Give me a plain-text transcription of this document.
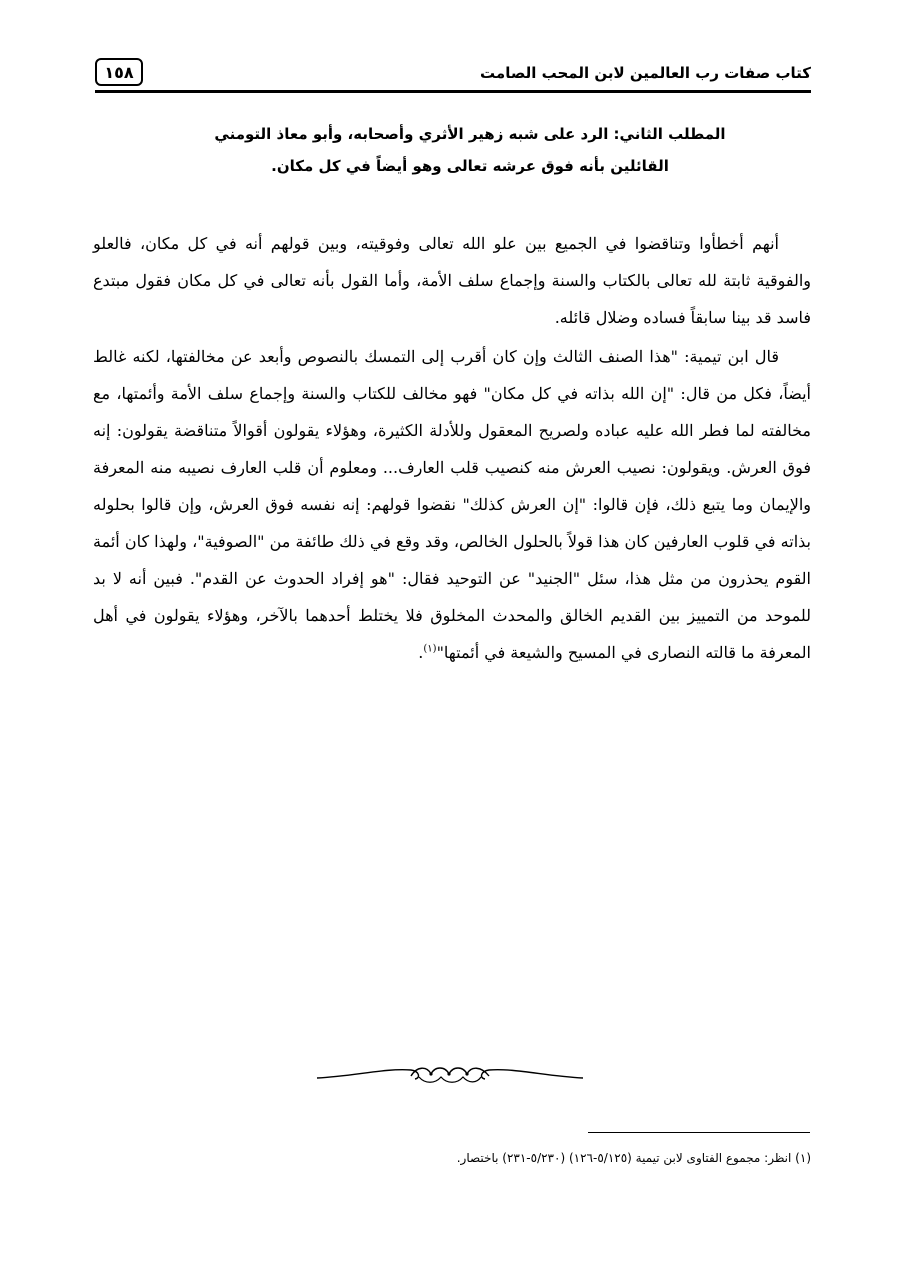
كتاب صفات رب العالمين لابن المحب الصامت
١٥٨
المطلب الثاني: الرد على شبه زهير الأثري وأصحابه، وأبو معاذ التومني
القائلين بأنه فوق عرشه تعالى وهو أيضاً في كل مكان.

أنهم أخطأوا وتناقضوا في الجميع بين علو الله تعالى وفوقيته، وبين قولهم أنه في كل مكان، فالعلو والفوقية ثابتة لله تعالى بالكتاب والسنة وإجماع سلف الأمة، وأما القول بأنه تعالى في كل مكان فقول مبتدع فاسد قد بينا سابقاً فساده وضلال قائله.

قال ابن تيمية: "هذا الصنف الثالث وإن كان أقرب إلى التمسك بالنصوص وأبعد عن مخالفتها، لكنه غالط أيضاً، فكل من قال: "إن الله بذاته في كل مكان" فهو مخالف للكتاب والسنة وإجماع سلف الأمة وأئمتها، مع مخالفته لما فطر الله عليه عباده ولصريح المعقول وللأدلة الكثيرة، وهؤلاء يقولون أقوالاً متناقضة يقولون: إنه فوق العرش. ويقولون: نصيب العرش منه كنصيب قلب العارف... ومعلوم أن قلب العارف نصيبه منه المعرفة والإيمان وما يتبع ذلك، فإن قالوا: "إن العرش كذلك" نقضوا قولهم: إنه نفسه فوق العرش، وإن قالوا بحلوله بذاته في قلوب العارفين كان هذا قولاً بالحلول الخالص، وقد وقع في ذلك طائفة من "الصوفية"، ولهذا كان أئمة القوم يحذرون من مثل هذا، سئل "الجنيد" عن التوحيد فقال: "هو إفراد الحدوث عن القدم". فبين أنه لا بد للموحد من التمييز بين القديم الخالق والمحدث المخلوق فلا يختلط أحدهما بالآخر، وهؤلاء يقولون في أهل المعرفة ما قالته النصارى في المسيح والشيعة في أئمتها"$^{(١)}$.

(١) انظر: مجموع الفتاوى لابن تيمية (٥/١٢٥-١٢٦) (٥/٢٣٠-٢٣١) باختصار.
